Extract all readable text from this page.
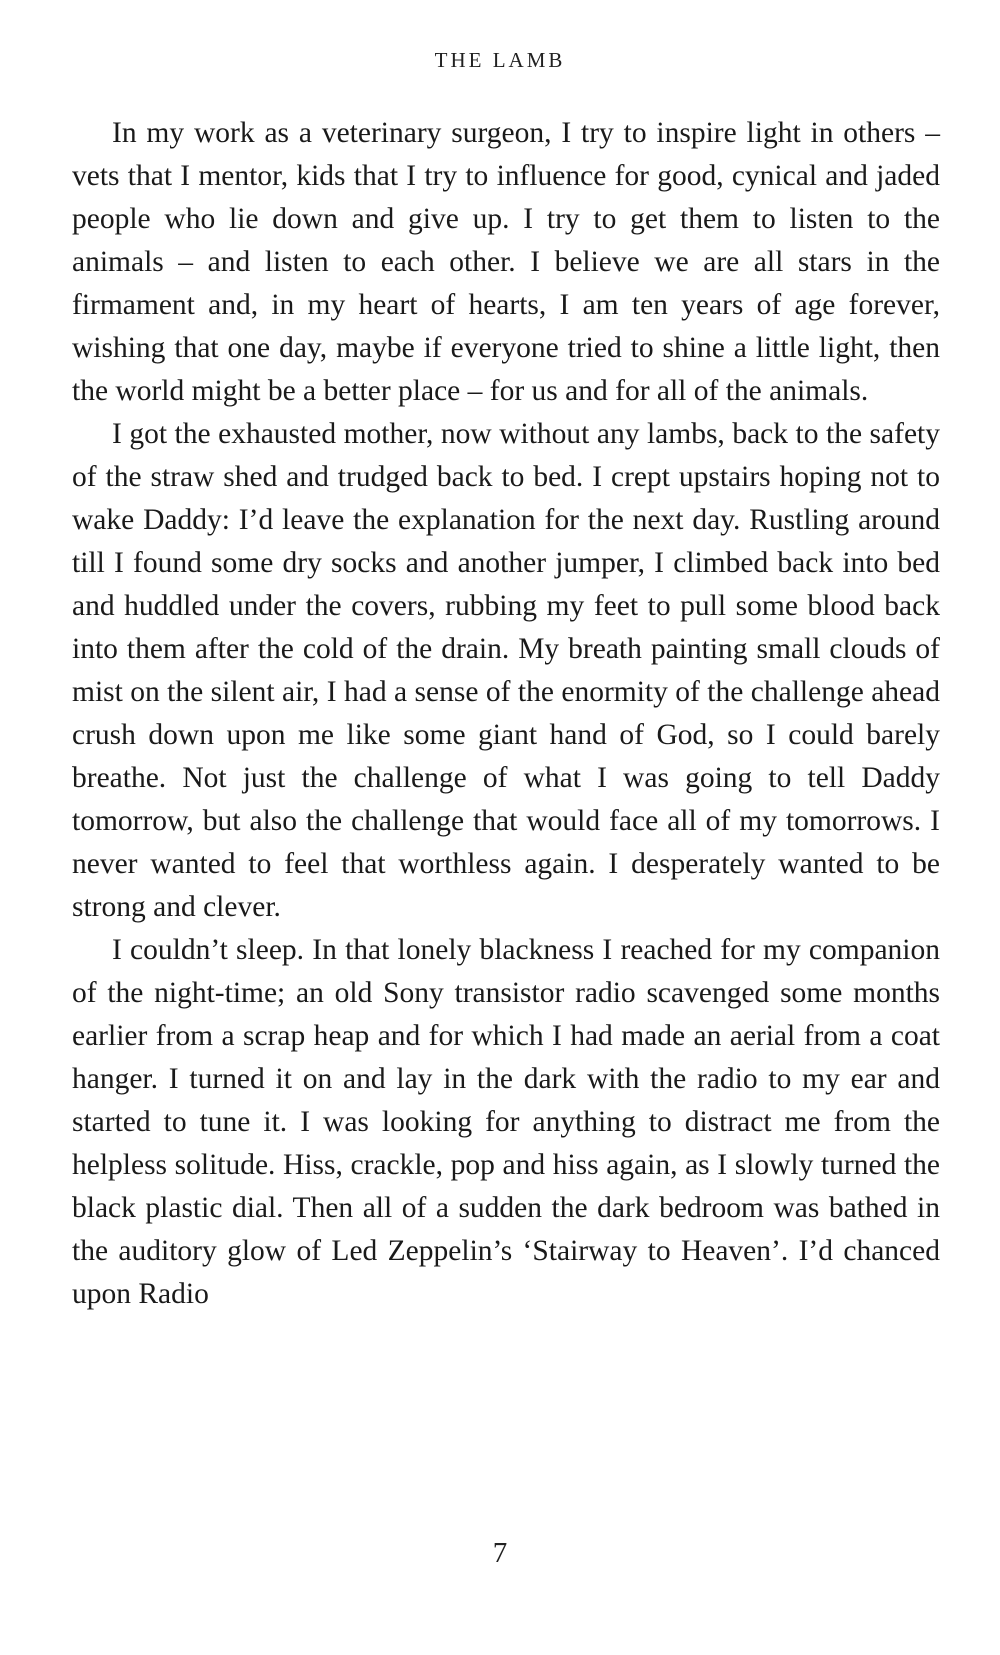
THE LAMB

In my work as a veterinary surgeon, I try to inspire light in others – vets that I mentor, kids that I try to influence for good, cynical and jaded people who lie down and give up. I try to get them to listen to the animals – and listen to each other. I believe we are all stars in the firmament and, in my heart of hearts, I am ten years of age forever, wishing that one day, maybe if everyone tried to shine a little light, then the world might be a better place – for us and for all of the animals.

I got the exhausted mother, now without any lambs, back to the safety of the straw shed and trudged back to bed. I crept upstairs hoping not to wake Daddy: I’d leave the explanation for the next day. Rustling around till I found some dry socks and another jumper, I climbed back into bed and huddled under the covers, rubbing my feet to pull some blood back into them after the cold of the drain. My breath painting small clouds of mist on the silent air, I had a sense of the enormity of the challenge ahead crush down upon me like some giant hand of God, so I could barely breathe. Not just the challenge of what I was going to tell Daddy tomorrow, but also the challenge that would face all of my tomorrows. I never wanted to feel that worthless again. I desperately wanted to be strong and clever.

I couldn’t sleep. In that lonely blackness I reached for my companion of the night-time; an old Sony transistor radio scavenged some months earlier from a scrap heap and for which I had made an aerial from a coat hanger. I turned it on and lay in the dark with the radio to my ear and started to tune it. I was looking for anything to distract me from the helpless solitude. Hiss, crackle, pop and hiss again, as I slowly turned the black plastic dial. Then all of a sudden the dark bedroom was bathed in the auditory glow of Led Zeppelin’s ‘Stairway to Heaven’. I’d chanced upon Radio

7
